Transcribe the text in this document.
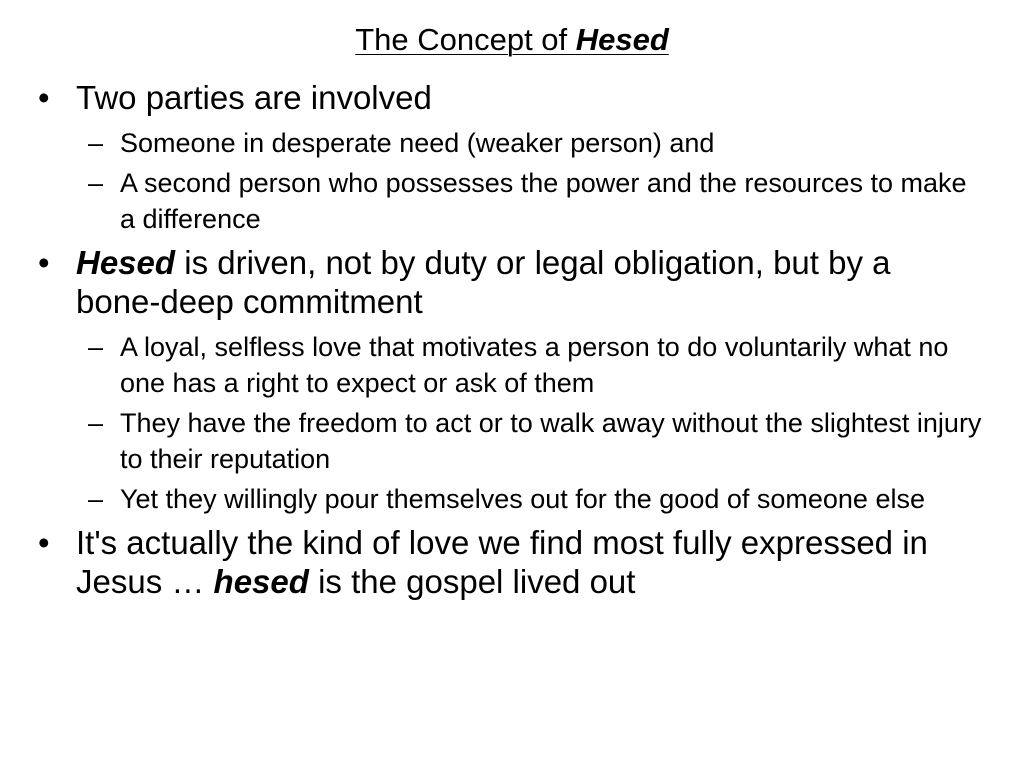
The Concept of Hesed
• Two parties are involved
– Someone in desperate need (weaker person) and
– A second person who possesses the power and the resources to make a difference
• Hesed is driven, not by duty or legal obligation, but by a bone-deep commitment
– A loyal, selfless love that motivates a person to do voluntarily what no one has a right to expect or ask of them
– They have the freedom to act or to walk away without the slightest injury to their reputation
– Yet they willingly pour themselves out for the good of someone else
• It's actually the kind of love we find most fully expressed in Jesus … hesed is the gospel lived out
